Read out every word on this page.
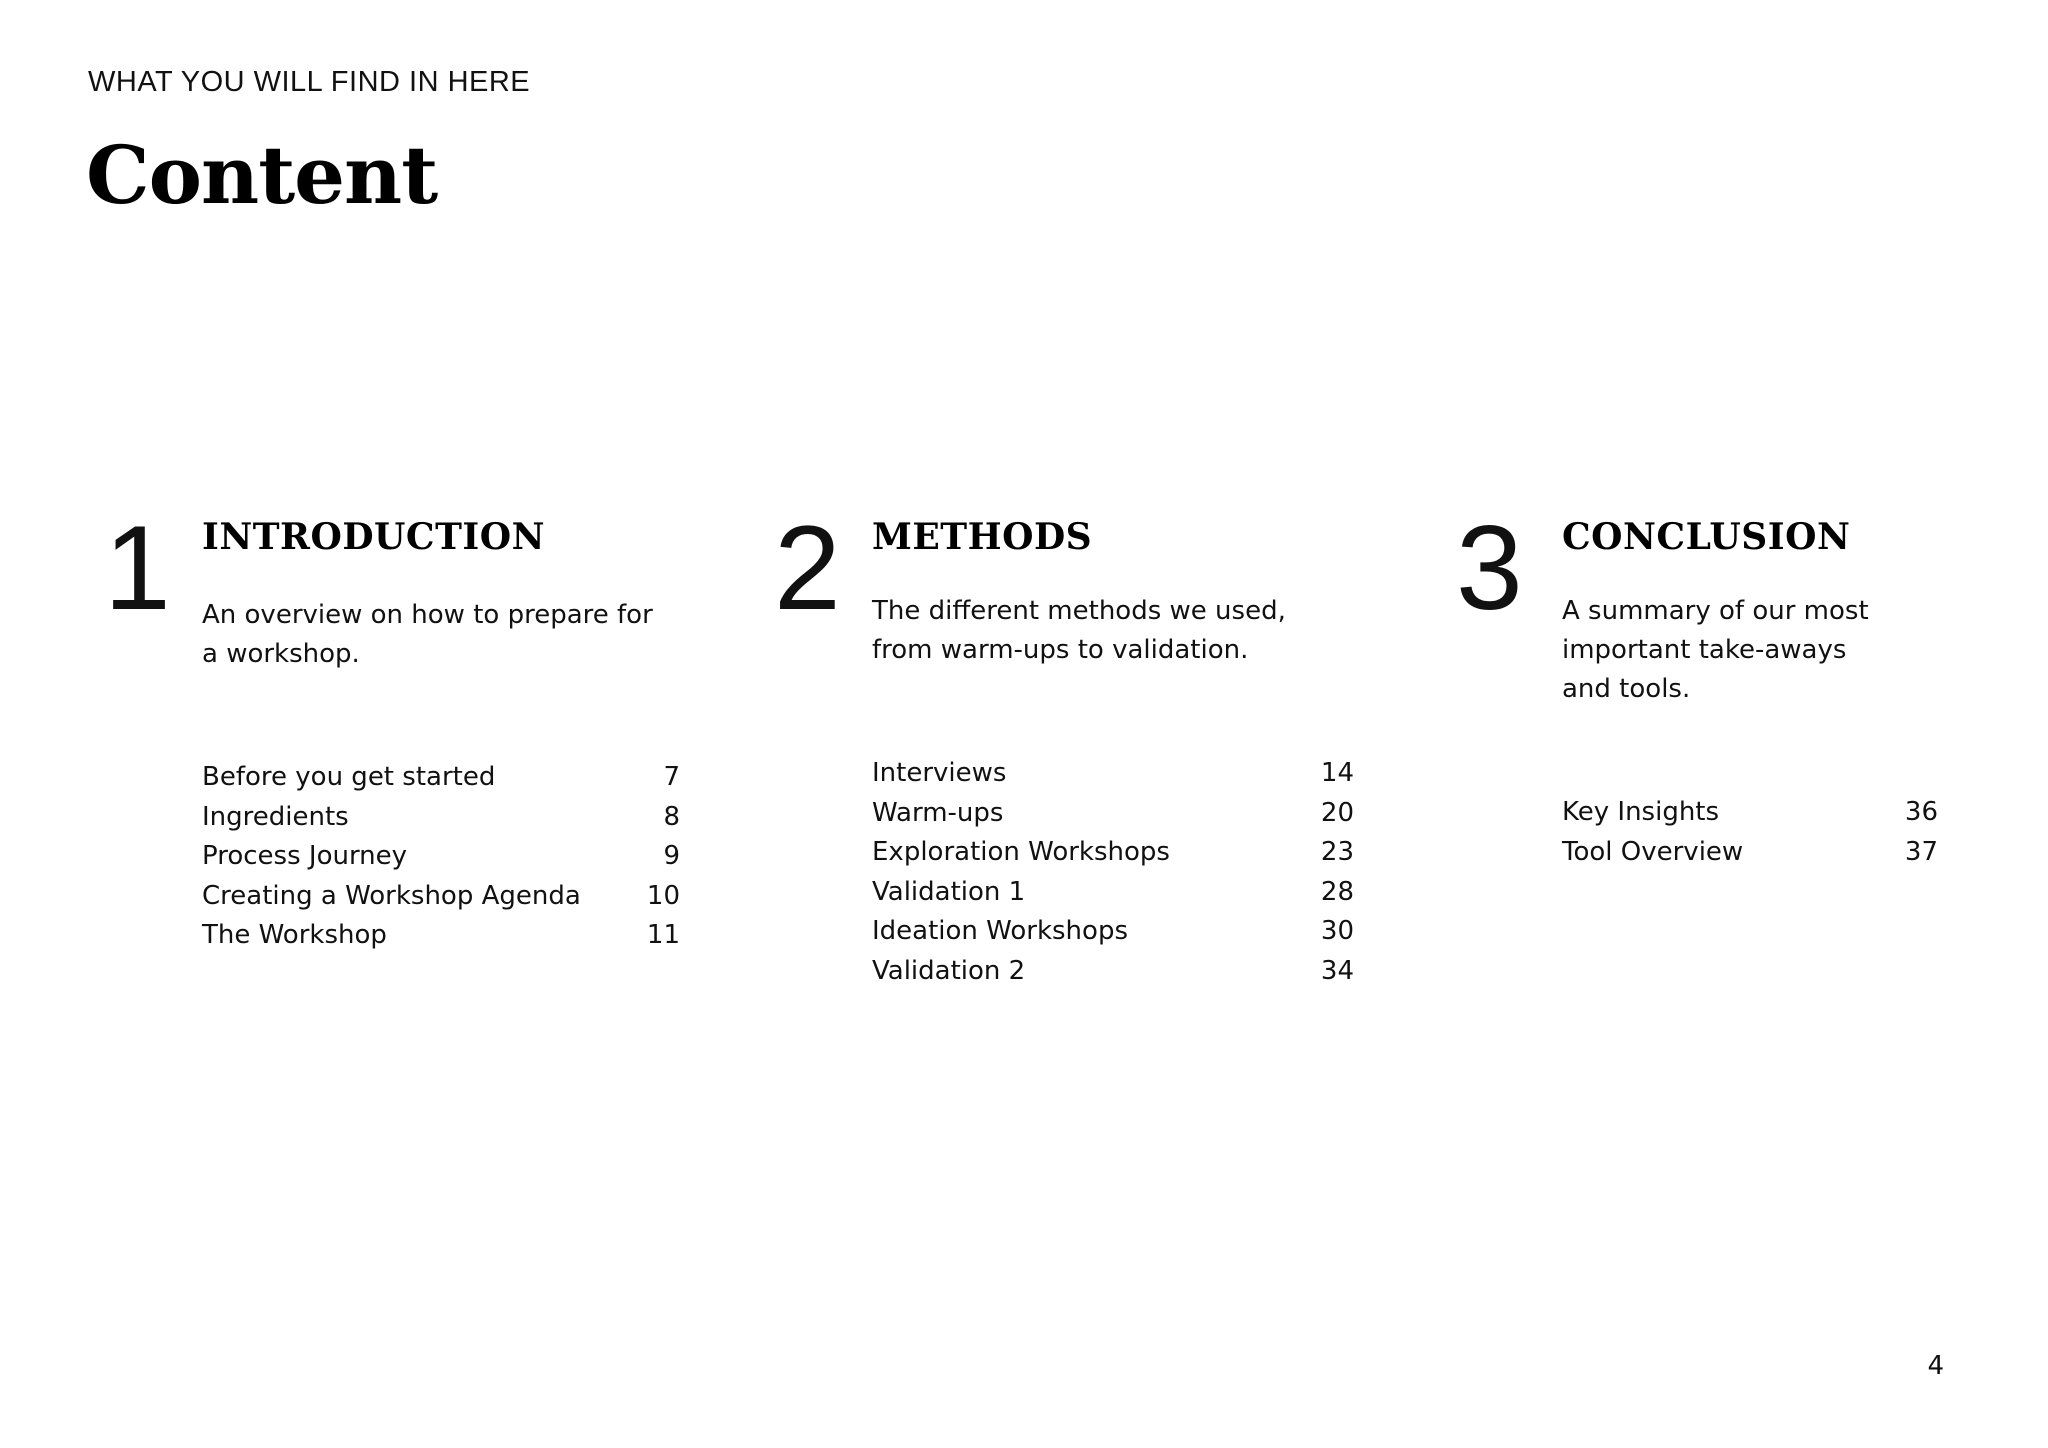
WHAT YOU WILL FIND IN HERE
Content
1 INTRODUCTION
An overview on how to prepare for a workshop.
Before you get started	7
Ingredients	8
Process Journey	9
Creating a Workshop Agenda	10
The Workshop	11
2 METHODS
The different methods we used, from warm-ups to validation.
Interviews	14
Warm-ups	20
Exploration Workshops	23
Validation 1	28
Ideation Workshops	30
Validation 2	34
3 CONCLUSION
A summary of our most important take-aways and tools.
Key Insights	36
Tool Overview	37
4
